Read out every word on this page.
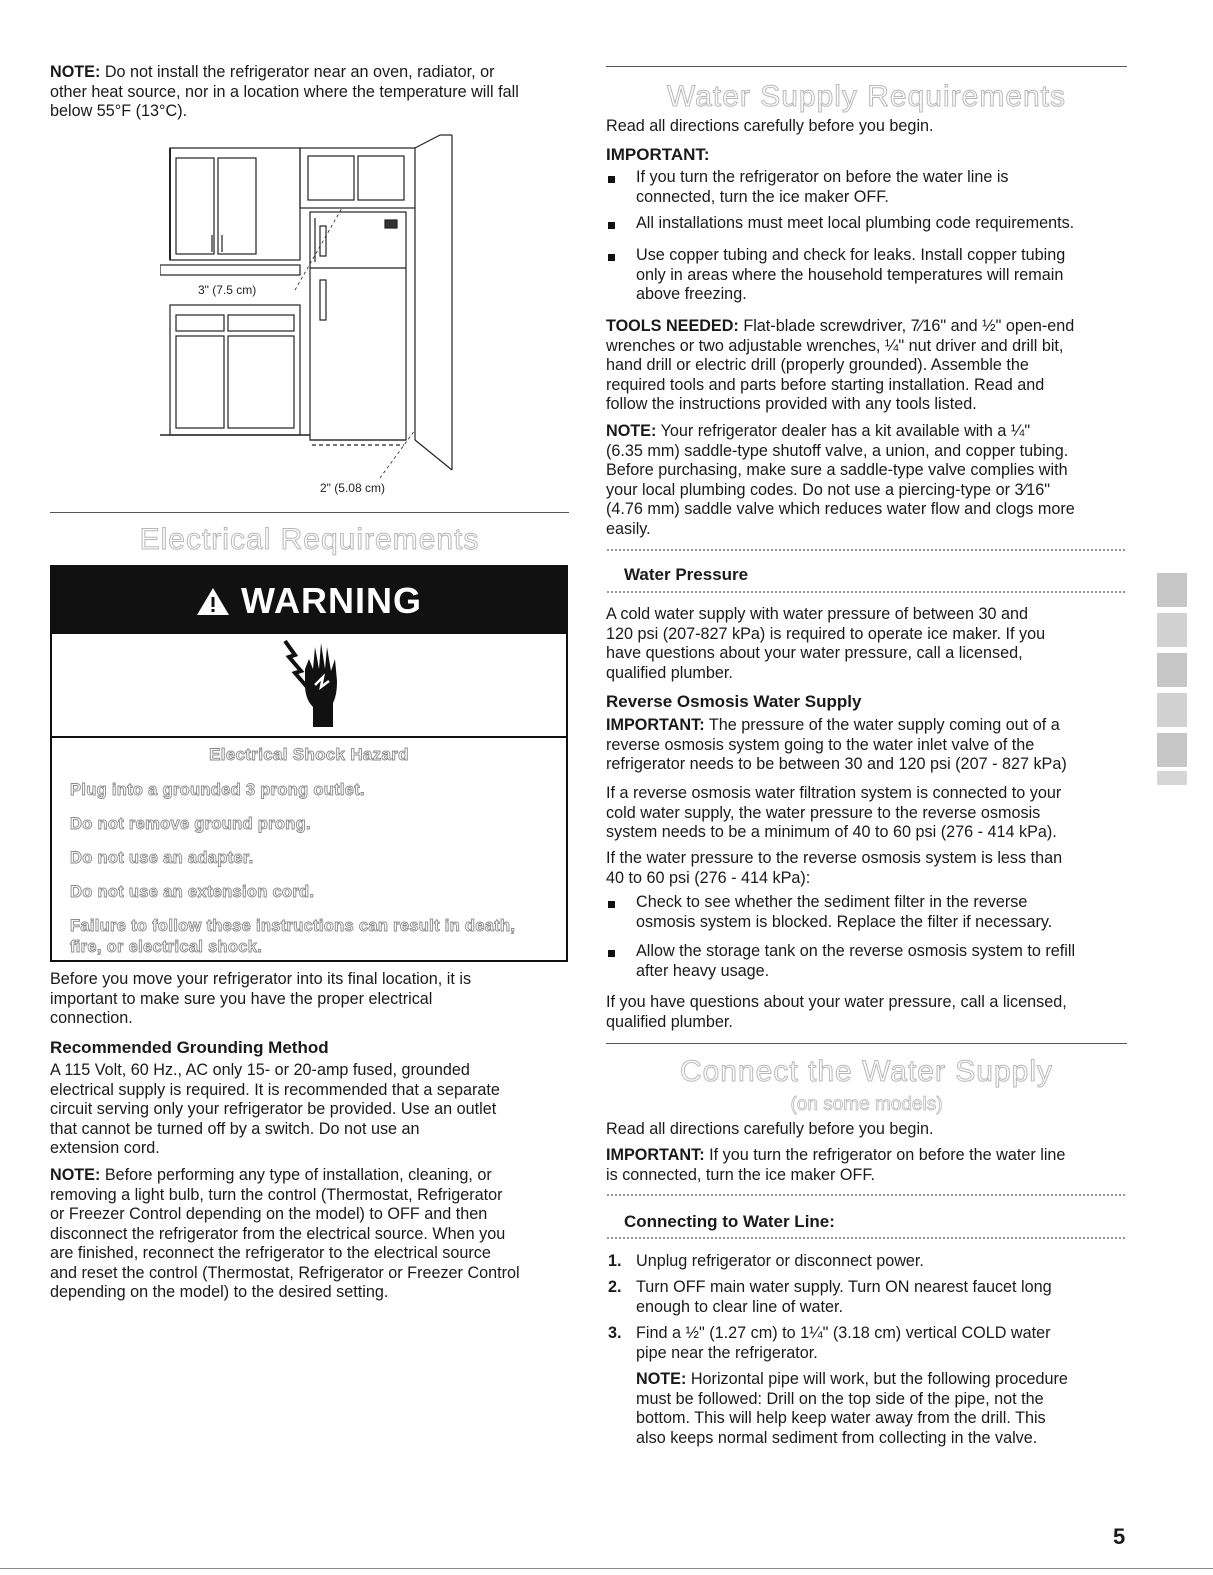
NOTE: Do not install the refrigerator near an oven, radiator, or
other heat source, nor in a location where the temperature will fall
below 55°F (13°C).

3" (7.5 cm)
2" (5.08 cm)
Electrical Requirements
WARNING
Electrical Shock Hazard
Plug into a grounded 3 prong outlet.
Do not remove ground prong.
Do not use an adapter.
Do not use an extension cord.
Failure to follow these instructions can result in death,
fire, or electrical shock.

Before you move your refrigerator into its final location, it is
important to make sure you have the proper electrical
connection.

Recommended Grounding Method

A 115 Volt, 60 Hz., AC only 15- or 20-amp fused, grounded
electrical supply is required. It is recommended that a separate
circuit serving only your refrigerator be provided. Use an outlet
that cannot be turned off by a switch. Do not use an
extension cord.

NOTE: Before performing any type of installation, cleaning, or
removing a light bulb, turn the control (Thermostat, Refrigerator
or Freezer Control depending on the model) to OFF and then
disconnect the refrigerator from the electrical source. When you
are finished, reconnect the refrigerator to the electrical source
and reset the control (Thermostat, Refrigerator or Freezer Control
depending on the model) to the desired setting.

Water Supply Requirements

Read all directions carefully before you begin.

IMPORTANT:

If you turn the refrigerator on before the water line is
connected, turn the ice maker OFF.

All installations must meet local plumbing code requirements.

Use copper tubing and check for leaks. Install copper tubing
only in areas where the household temperatures will remain
above freezing.

TOOLS NEEDED: Flat-blade screwdriver, 7⁄16" and ½" open-end
wrenches or two adjustable wrenches, ¼" nut driver and drill bit,
hand drill or electric drill (properly grounded). Assemble the
required tools and parts before starting installation. Read and
follow the instructions provided with any tools listed.

NOTE: Your refrigerator dealer has a kit available with a ¼"
(6.35 mm) saddle-type shutoff valve, a union, and copper tubing.
Before purchasing, make sure a saddle-type valve complies with
your local plumbing codes. Do not use a piercing-type or 3⁄16"
(4.76 mm) saddle valve which reduces water flow and clogs more
easily.

Water Pressure

A cold water supply with water pressure of between 30 and
120 psi (207-827 kPa) is required to operate ice maker. If you
have questions about your water pressure, call a licensed,
qualified plumber.

Reverse Osmosis Water Supply

IMPORTANT: The pressure of the water supply coming out of a
reverse osmosis system going to the water inlet valve of the
refrigerator needs to be between 30 and 120 psi (207 - 827 kPa)

If a reverse osmosis water filtration system is connected to your
cold water supply, the water pressure to the reverse osmosis
system needs to be a minimum of 40 to 60 psi (276 - 414 kPa).

If the water pressure to the reverse osmosis system is less than
40 to 60 psi (276 - 414 kPa):

Check to see whether the sediment filter in the reverse
osmosis system is blocked. Replace the filter if necessary.

Allow the storage tank on the reverse osmosis system to refill
after heavy usage.

If you have questions about your water pressure, call a licensed,
qualified plumber.

Connect the Water Supply
(on some models)

Read all directions carefully before you begin.

IMPORTANT: If you turn the refrigerator on before the water line
is connected, turn the ice maker OFF.

Connecting to Water Line:
1. Unplug refrigerator or disconnect power.

2. Turn OFF main water supply. Turn ON nearest faucet long
enough to clear line of water.

3. Find a ½" (1.27 cm) to 1¼" (3.18 cm) vertical COLD water
pipe near the refrigerator.

NOTE: Horizontal pipe will work, but the following procedure
must be followed: Drill on the top side of the pipe, not the
bottom. This will help keep water away from the drill. This
also keeps normal sediment from collecting in the valve.

5
